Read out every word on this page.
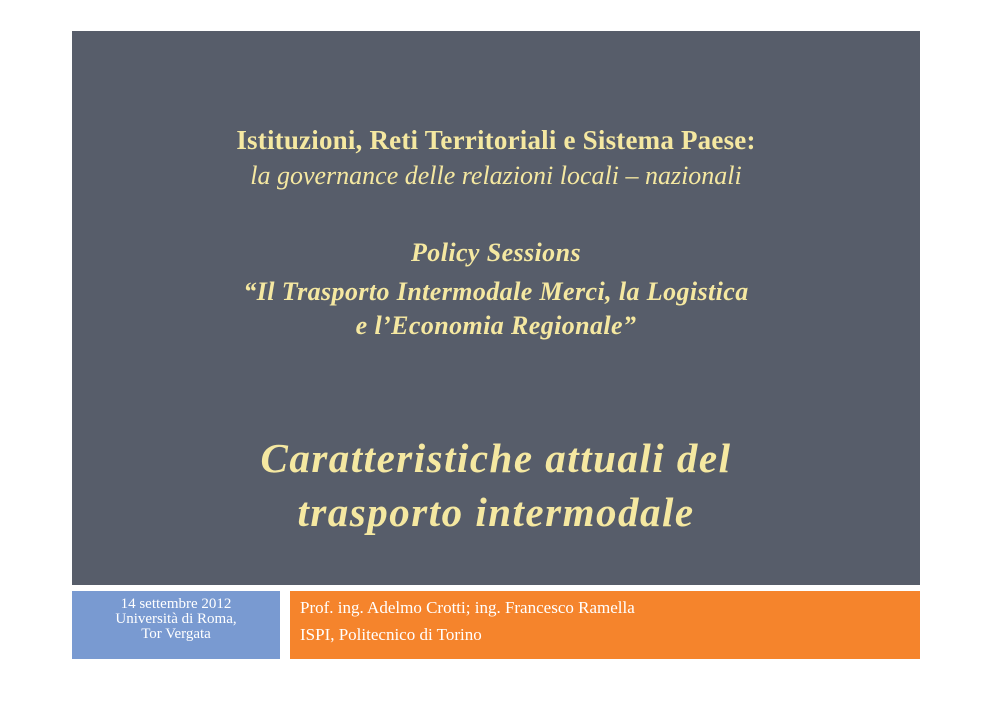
Istituzioni, Reti Territoriali e Sistema Paese:
la governance delle relazioni locali – nazionali
Policy Sessions
“Il Trasporto Intermodale Merci, la Logistica
e l’Economia Regionale”
Caratteristiche attuali del
trasporto intermodale
14 settembre 2012
Università di Roma,
Tor Vergata
Prof. ing. Adelmo Crotti; ing. Francesco Ramella
ISPI, Politecnico di Torino
